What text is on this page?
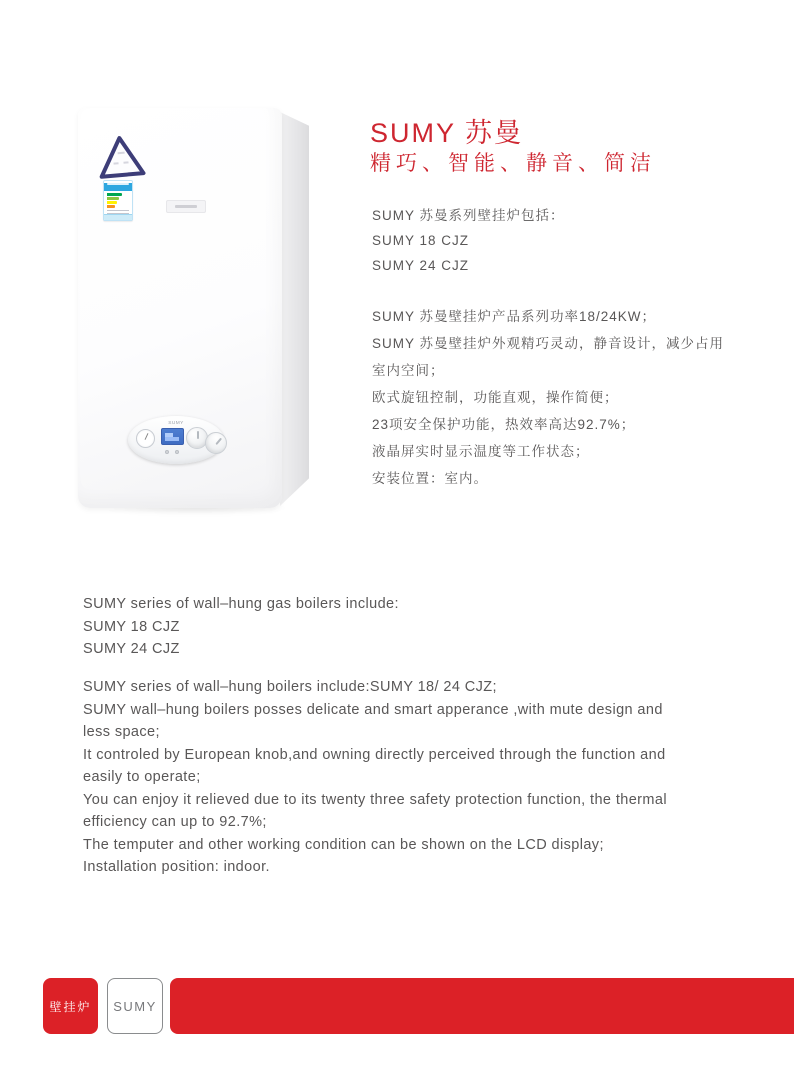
SUMY
SUMY 苏曼
精巧、智能、静音、简洁
SUMY 苏曼系列壁挂炉包括：
SUMY 18 CJZ
SUMY 24 CJZ
SUMY 苏曼壁挂炉产品系列功率18/24KW；
SUMY 苏曼壁挂炉外观精巧灵动，静音设计，减少占用
室内空间；
欧式旋钮控制，功能直观，操作简便；
23项安全保护功能，热效率高达92.7%；
液晶屏实时显示温度等工作状态；
安装位置：室内。
SUMY series of wall–hung gas boilers include:
SUMY 18 CJZ
SUMY 24 CJZ
SUMY series of wall–hung boilers include:SUMY 18/ 24 CJZ;
SUMY wall–hung boilers posses delicate and smart apperance ,with mute design and
less space;
It controled by European knob,and owning directly perceived through the function and
easily to operate;
You can enjoy it relieved due to its twenty three safety protection function, the thermal
efficiency can up to 92.7%;
The temputer and other working condition can be shown on the LCD display;
Installation position: indoor.
壁挂炉	SUMY
